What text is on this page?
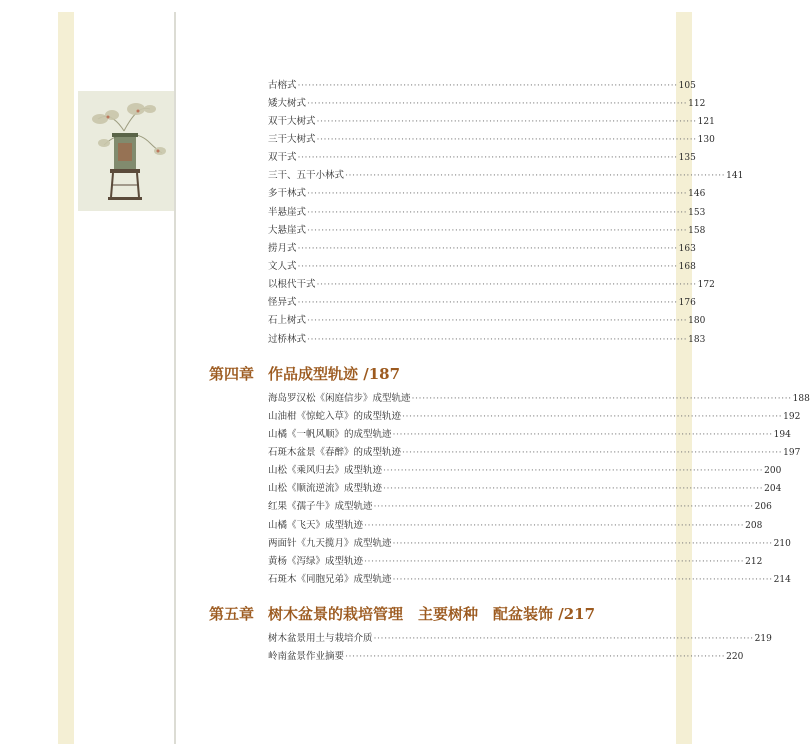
古榕式 ············································································································ 105
矮大树式 ············································································································ 112
双干大树式 ············································································································ 121
三干大树式 ············································································································ 130
双干式 ············································································································ 135
三干、五干小林式 ············································································································ 141
多干林式 ············································································································ 146
半悬崖式 ············································································································ 153
大悬崖式 ············································································································ 158
捞月式 ············································································································ 163
文人式 ············································································································ 168
以根代干式 ············································································································ 172
怪异式 ············································································································ 176
石上树式 ············································································································ 180
过桥林式 ············································································································ 183
第四章 作品成型轨迹 /187
海岛罗汉松《闲庭信步》成型轨迹 ············································································································ 188
山油柑《惊蛇入草》的成型轨迹 ············································································································ 192
山橘《一帆风顺》的成型轨迹 ············································································································ 194
石斑木盆景《春醉》的成型轨迹 ············································································································ 197
山松《乘风归去》成型轨迹 ············································································································ 200
山松《顺流逆流》成型轨迹 ············································································································ 204
红果《孺子牛》成型轨迹 ············································································································ 206
山橘《飞天》成型轨迹 ············································································································ 208
两面针《九天揽月》成型轨迹 ············································································································ 210
黄杨《泻绿》成型轨迹 ············································································································ 212
石斑木《同胞兄弟》成型轨迹 ············································································································ 214
第五章 树木盆景的栽培管理　主要树种　配盆装饰 /217
树木盆景用土与栽培介质 ············································································································ 219
岭南盆景作业摘要 ············································································································ 220
